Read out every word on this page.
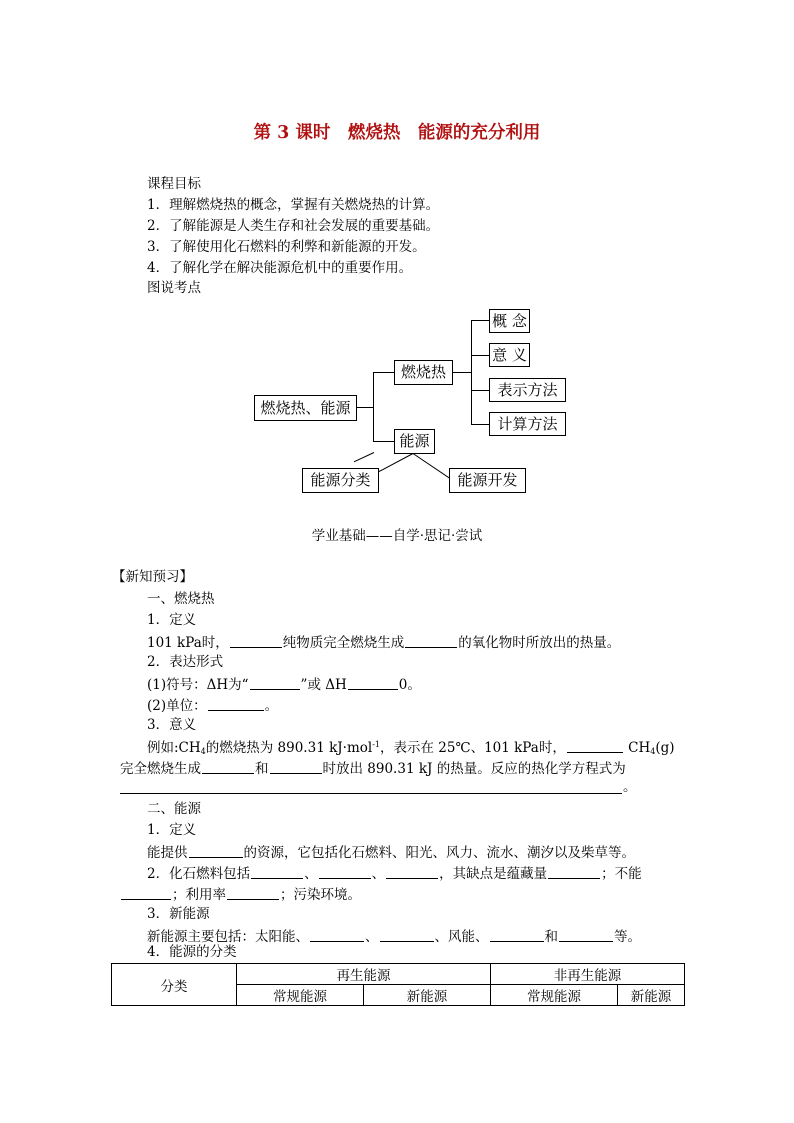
第 3 课时　燃烧热　能源的充分利用
课程目标
1．理解燃烧热的概念，掌握有关燃烧热的计算。
2．了解能源是人类生存和社会发展的重要基础。
3．了解使用化石燃料的利弊和新能源的开发。
4．了解化学在解决能源危机中的重要作用。
图说考点
燃烧热、能源
燃烧热
能源
概 念
意 义
表示方法
计算方法
能源分类	能源开发
学业基础——自学·思记·尝试
【新知预习】
一、燃烧热
1．定义
101 kPa时，	纯物质完全燃烧生成	的氧化物时所放出的热量。
2．表达形式
(1)符号：ΔH为“	”或 ΔH	0。
(2)单位：	。
3．意义
例如$:CH_4$的燃烧热为 890.31 kJ·mol$^{-1}$，表示在 25℃、101 kPa时，	$CH_4(g)$
完全燃烧生成	和	时放出 890.31 kJ 的热量。反应的热化学方程式为
。
二、能源
1．定义
能提供	的资源，它包括化石燃料、阳光、风力、流水、潮汐以及柴草等。
2．化石燃料包括	、	、	，其缺点是蕴藏量	；不能
；利用率	；污染环境。
3．新能源
新能源主要包括：太阳能、	、	、风能、	和	等。
4．能源的分类
分类	再生能源		非再生能源	
	常规能源	新能源	常规能源	新能源
